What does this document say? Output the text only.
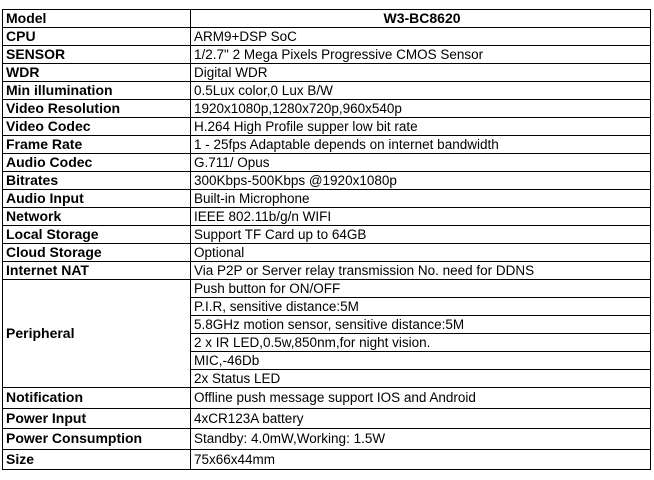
Model	W3-BC8620
CPU	ARM9+DSP SoC
SENSOR	1/2.7" 2 Mega Pixels Progressive CMOS Sensor
WDR	Digital WDR
Min illumination	0.5Lux color,0 Lux B/W
Video Resolution	1920x1080p,1280x720p,960x540p
Video Codec	H.264 High Profile supper low bit rate
Frame Rate	1 - 25fps Adaptable depends on internet bandwidth
Audio Codec	G.711/ Opus
Bitrates	300Kbps-500Kbps @1920x1080p
Audio Input	Built-in Microphone
Network	IEEE 802.11b/g/n WIFI
Local Storage	Support TF Card up to 64GB
Cloud Storage	Optional
Internet NAT	Via P2P or Server relay transmission No. need for DDNS
Peripheral	Push button for ON/OFF
	P.I.R, sensitive distance:5M
	5.8GHz motion sensor, sensitive distance:5M
	2 x IR LED,0.5w,850nm,for night vision.
	MIC,-46Db
	2x Status LED
Notification	Offline push message support IOS and Android
Power Input	4xCR123A battery
Power Consumption	Standby: 4.0mW,Working: 1.5W
Size	75x66x44mm
